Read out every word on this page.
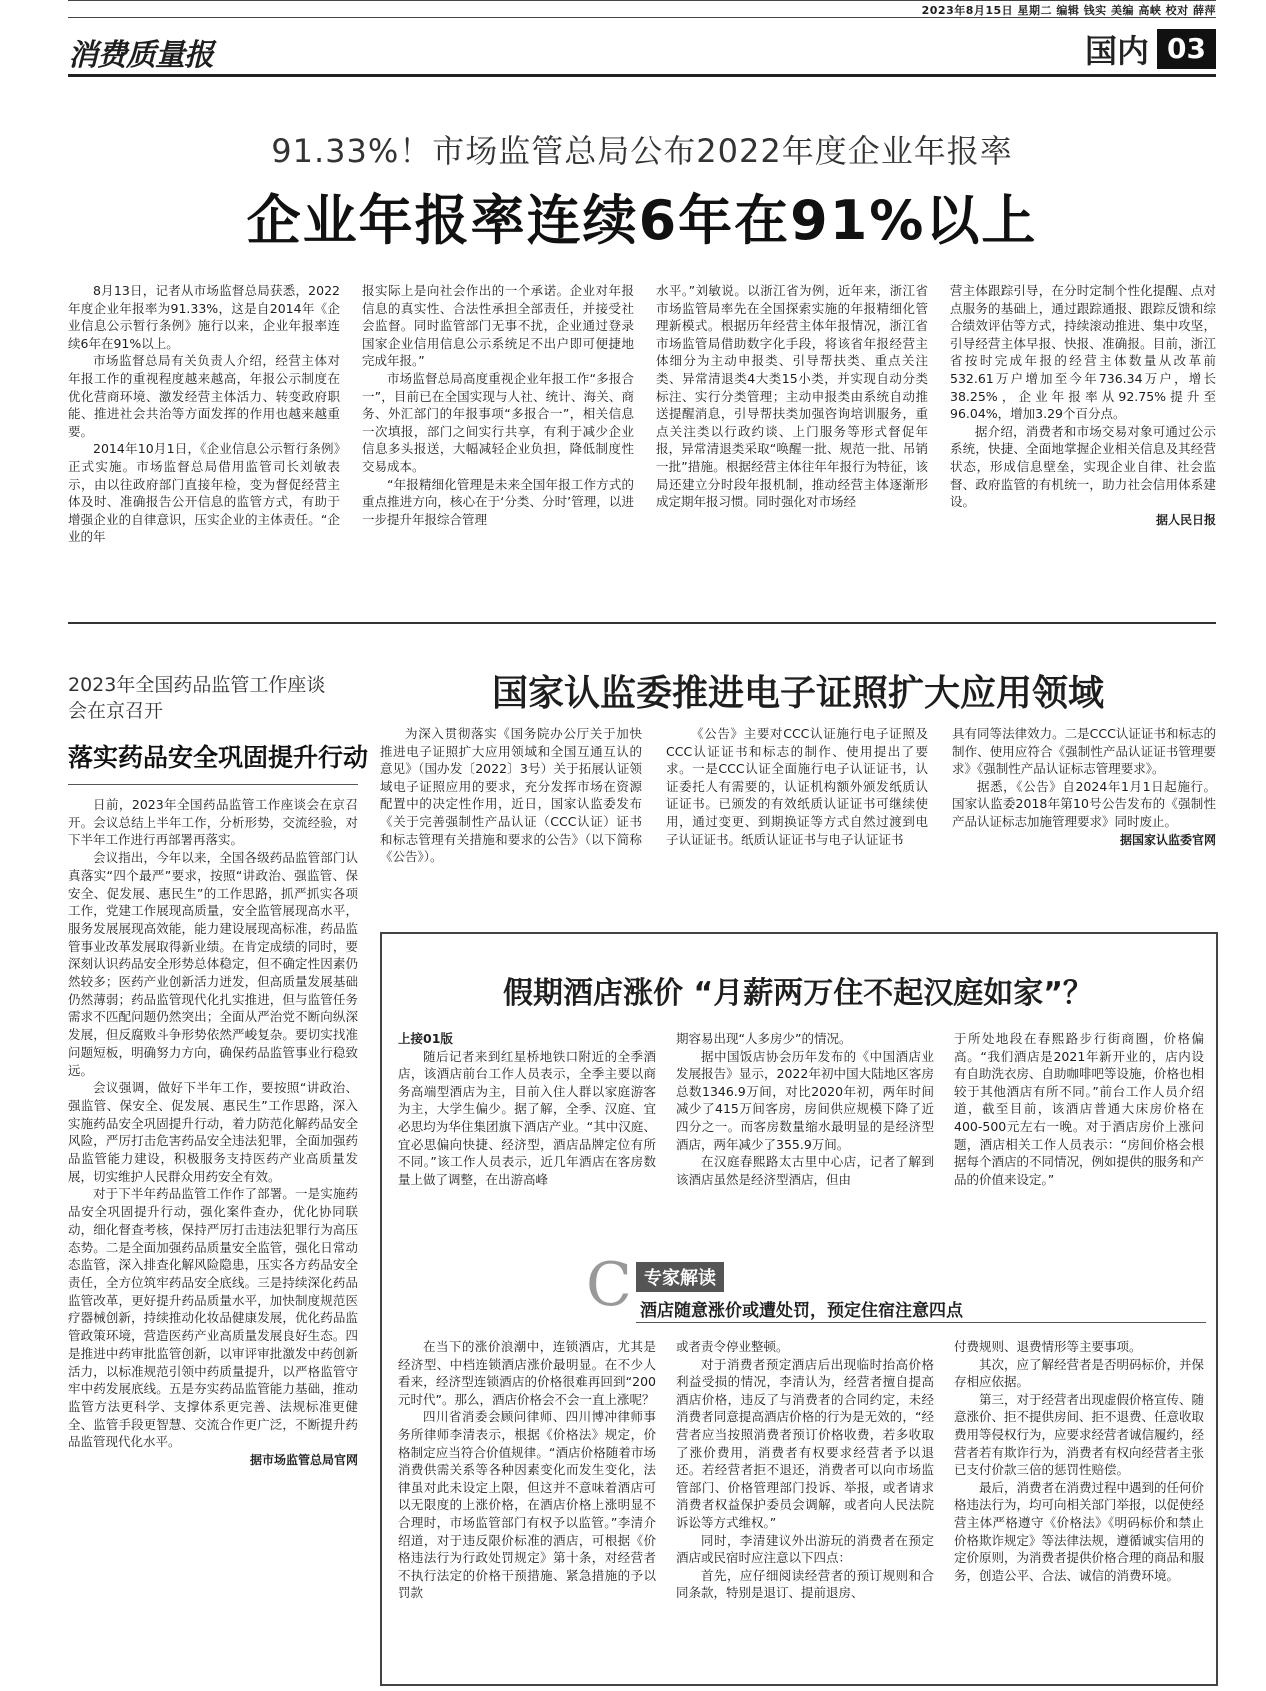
2023年8月15日 星期二 编辑 钱实 美编 高峡 校对 薛萍
消费质量报	国内 03
91.33%！市场监管总局公布2022年度企业年报率
企业年报率连续6年在91%以上

8月13日，记者从市场监督总局获悉，2022年度企业年报率为91.33%，这是自2014年《企业信息公示暂行条例》施行以来，企业年报率连续6年在91%以上。

市场监督总局有关负责人介绍，经营主体对年报工作的重视程度越来越高，年报公示制度在优化营商环境、激发经营主体活力、转变政府职能、推进社会共治等方面发挥的作用也越来越重要。

2014年10月1日，《企业信息公示暂行条例》正式实施。市场监督总局借用监管司长刘敏表示，由以往政府部门直接年检，变为督促经营主体及时、准确报告公开信息的监管方式，有助于增强企业的自律意识，压实企业的主体责任。“企业的年

报实际上是向社会作出的一个承诺。企业对年报信息的真实性、合法性承担全部责任，并接受社会监督。同时监管部门无事不扰，企业通过登录国家企业信用信息公示系统足不出户即可便捷地完成年报。”

市场监督总局高度重视企业年报工作“多报合一”，目前已在全国实现与人社、统计、海关、商务、外汇部门的年报事项“多报合一”，相关信息一次填报，部门之间实行共享，有利于减少企业信息多头报送，大幅减轻企业负担，降低制度性交易成本。

“年报精细化管理是未来全国年报工作方式的重点推进方向，核心在于‘分类、分时’管理，以进一步提升年报综合管理

水平。”刘敏说。以浙江省为例，近年来，浙江省市场监管局率先在全国探索实施的年报精细化管理新模式。根据历年经营主体年报情况，浙江省市场监管局借助数字化手段，将该省年报经营主体细分为主动申报类、引导帮扶类、重点关注类、异常清退类4大类15小类，并实现自动分类标注、实行分类管理；主动申报类由系统自动推送提醒消息，引导帮扶类加强咨询培训服务，重点关注类以行政约谈、上门服务等形式督促年报，异常清退类采取“唤醒一批、规范一批、吊销一批”措施。根据经营主体往年年报行为特征，该局还建立分时段年报机制，推动经营主体逐渐形成定期年报习惯。同时强化对市场经

营主体跟踪引导，在分时定制个性化提醒、点对点服务的基础上，通过跟踪通报、跟踪反馈和综合绩效评估等方式，持续滚动推进、集中攻坚，引导经营主体早报、快报、准确报。目前，浙江省按时完成年报的经营主体数量从改革前532.61万户增加至今年736.34万户，增长38.25%，企业年报率从92.75%提升至96.04%，增加3.29个百分点。

据介绍，消费者和市场交易对象可通过公示系统，快捷、全面地掌握企业相关信息及其经营状态，形成信息壁垒，实现企业自律、社会监督、政府监管的有机统一，助力社会信用体系建设。

据人民日报
2023年全国药品监管工作座谈会在京召开
落实药品安全巩固提升行动

日前，2023年全国药品监管工作座谈会在京召开。会议总结上半年工作，分析形势，交流经验，对下半年工作进行再部署再落实。

会议指出，今年以来，全国各级药品监管部门认真落实“四个最严”要求，按照“讲政治、强监管、保安全、促发展、惠民生”的工作思路，抓严抓实各项工作，党建工作展现高质量，安全监管展现高水平，服务发展展现高效能，能力建设展现高标准，药品监管事业改革发展取得新业绩。在肯定成绩的同时，要深刻认识药品安全形势总体稳定，但不确定性因素仍然较多；医药产业创新活力迸发，但高质量发展基础仍然薄弱；药品监管现代化扎实推进，但与监管任务需求不匹配问题仍然突出；全面从严治党不断向纵深发展，但反腐败斗争形势依然严峻复杂。要切实找准问题短板，明确努力方向，确保药品监管事业行稳致远。

会议强调，做好下半年工作，要按照“讲政治、强监管、保安全、促发展、惠民生”工作思路，深入实施药品安全巩固提升行动，着力防范化解药品安全风险，严厉打击危害药品安全违法犯罪，全面加强药品监管能力建设，积极服务支持医药产业高质量发展，切实维护人民群众用药安全有效。

对于下半年药品监管工作作了部署。一是实施药品安全巩固提升行动，强化案件查办，优化协同联动，细化督查考核，保持严厉打击违法犯罪行为高压态势。二是全面加强药品质量安全监管，强化日常动态监管，深入排查化解风险隐患，压实各方药品安全责任，全方位筑牢药品安全底线。三是持续深化药品监管改革，更好提升药品质量水平，加快制度规范医疗器械创新，持续推动化妆品健康发展，优化药品监管政策环境，营造医药产业高质量发展良好生态。四是推进中药审批监管创新，以审评审批激发中药创新活力，以标准规范引领中药质量提升，以严格监管守牢中药发展底线。五是夯实药品监管能力基础，推动监管方法更科学、支撑体系更完善、法规标准更健全、监管手段更智慧、交流合作更广泛，不断提升药品监管现代化水平。

据市场监管总局官网
国家认监委推进电子证照扩大应用领域

为深入贯彻落实《国务院办公厅关于加快推进电子证照扩大应用领域和全国互通互认的意见》（国办发〔2022〕3号）关于拓展认证领域电子证照应用的要求，充分发挥市场在资源配置中的决定性作用，近日，国家认监委发布《关于完善强制性产品认证（CCC认证）证书和标志管理有关措施和要求的公告》（以下简称《公告》）。

《公告》主要对CCC认证施行电子证照及CCC认证证书和标志的制作、使用提出了要求。一是CCC认证全面施行电子认证证书，认证委托人有需要的，认证机构额外颁发纸质认证证书。已颁发的有效纸质认证证书可继续使用，通过变更、到期换证等方式自然过渡到电子认证证书。纸质认证证书与电子认证证书

具有同等法律效力。二是CCC认证证书和标志的制作、使用应符合《强制性产品认证证书管理要求》《强制性产品认证标志管理要求》。

据悉，《公告》自2024年1月1日起施行。国家认监委2018年第10号公告发布的《强制性产品认证标志加施管理要求》同时废止。

据国家认监委官网
假期酒店涨价 “月薪两万住不起汉庭如家”？
上接01版

随后记者来到红星桥地铁口附近的全季酒店，该酒店前台工作人员表示，全季主要以商务高端型酒店为主，目前入住人群以家庭游客为主，大学生偏少。据了解，全季、汉庭、宜必思均为华住集团旗下酒店产业。“其中汉庭、宜必思偏向快捷、经济型，酒店品牌定位有所不同。”该工作人员表示，近几年酒店在客房数量上做了调整，在出游高峰

期容易出现“人多房少”的情况。

据中国饭店协会历年发布的《中国酒店业发展报告》显示，2022年初中国大陆地区客房总数1346.9万间，对比2020年初，两年时间减少了415万间客房，房间供应规模下降了近四分之一。而客房数量缩水最明显的是经济型酒店，两年减少了355.9万间。

在汉庭春熙路太古里中心店，记者了解到该酒店虽然是经济型酒店，但由

于所处地段在春熙路步行街商圈，价格偏高。“我们酒店是2021年新开业的，店内设有自助洗衣房、自助咖啡吧等设施，价格也相较于其他酒店有所不同。”前台工作人员介绍道，截至目前，该酒店普通大床房价格在400-500元左右一晚。对于酒店房价上涨问题，酒店相关工作人员表示：“房间价格会根据每个酒店的不同情况，例如提供的服务和产品的价值来设定。”

C 专家解读
酒店随意涨价或遭处罚，预定住宿注意四点

在当下的涨价浪潮中，连锁酒店，尤其是经济型、中档连锁酒店涨价最明显。在不少人看来，经济型连锁酒店的价格很难再回到“200元时代”。那么，酒店价格会不会一直上涨呢？

四川省消委会顾问律师、四川博冲律师事务所律师李清表示，根据《价格法》规定，价格制定应当符合价值规律。“酒店价格随着市场消费供需关系等各种因素变化而发生变化，法律虽对此未设定上限，但这并不意味着酒店可以无限度的上涨价格，在酒店价格上涨明显不合理时，市场监管部门有权予以监管。”李清介绍道，对于违反限价标准的酒店，可根据《价格违法行为行政处罚规定》第十条，对经营者不执行法定的价格干预措施、紧急措施的予以罚款

或者责令停业整顿。

对于消费者预定酒店后出现临时抬高价格利益受损的情况，李清认为，经营者擅自提高酒店价格，违反了与消费者的合同约定，未经消费者同意提高酒店价格的行为是无效的，“经营者应当按照消费者预订价格收费，若多收取了涨价费用，消费者有权要求经营者予以退还。若经营者拒不退还，消费者可以向市场监管部门、价格管理部门投诉、举报，或者请求消费者权益保护委员会调解，或者向人民法院诉讼等方式维权。”

同时，李清建议外出游玩的消费者在预定酒店或民宿时应注意以下四点：

首先，应仔细阅读经营者的预订规则和合同条款，特别是退订、提前退房、

付费规则、退费情形等主要事项。

其次，应了解经营者是否明码标价，并保存相应依据。

第三，对于经营者出现虚假价格宣传、随意涨价、拒不提供房间、拒不退费、任意收取费用等侵权行为，应要求经营者诚信履约，经营者若有欺诈行为，消费者有权向经营者主张已支付价款三倍的惩罚性赔偿。

最后，消费者在消费过程中遇到的任何价格违法行为，均可向相关部门举报，以促使经营主体严格遵守《价格法》《明码标价和禁止价格欺诈规定》等法律法规，遵循诚实信用的定价原则，为消费者提供价格合理的商品和服务，创造公平、合法、诚信的消费环境。
